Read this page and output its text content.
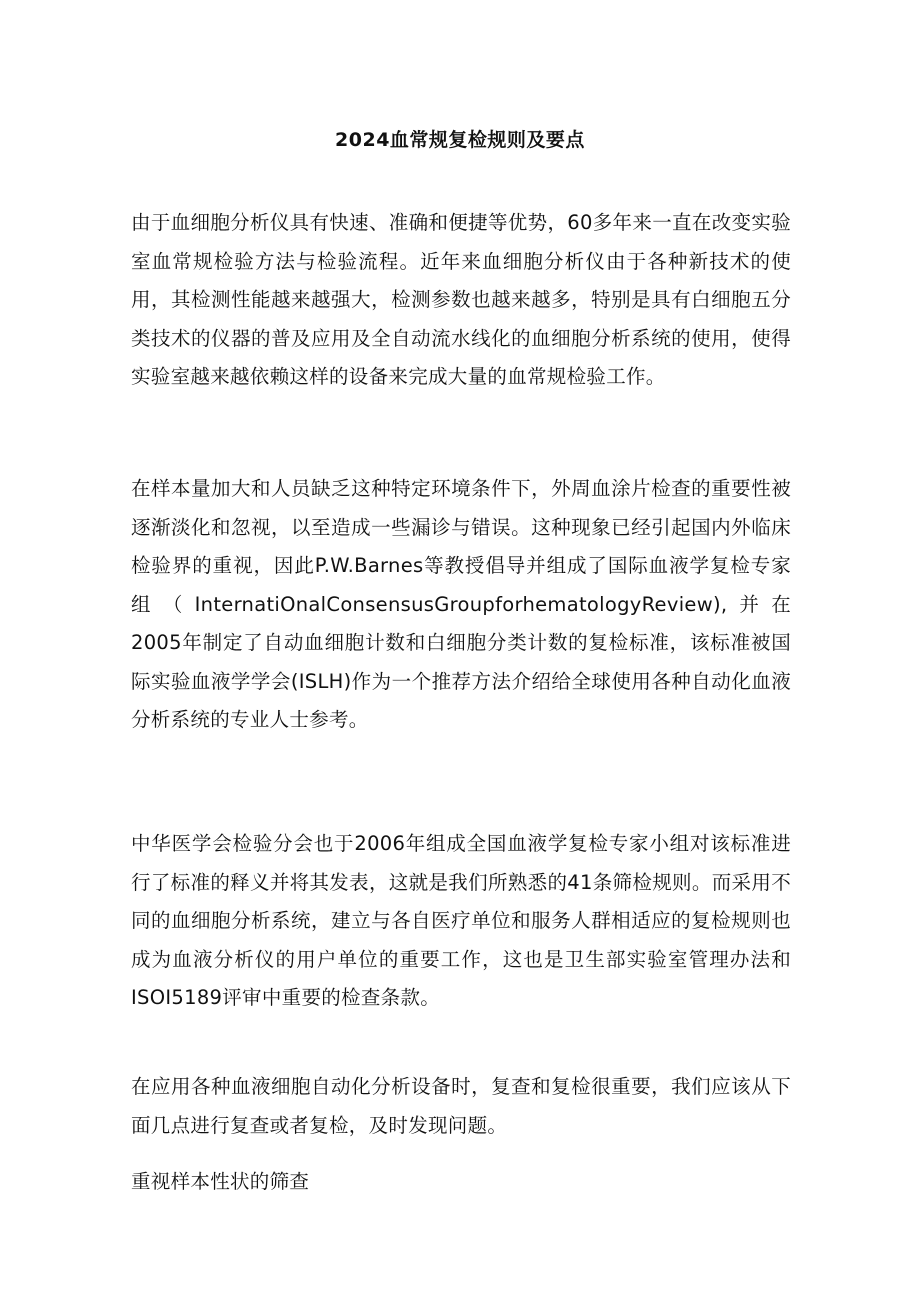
2024血常规复检规则及要点

由于血细胞分析仪具有快速、准确和便捷等优势，60多年来一直在改变实验室血常规检验方法与检验流程。近年来血细胞分析仪由于各种新技术的使用，其检测性能越来越强大，检测参数也越来越多，特别是具有白细胞五分类技术的仪器的普及应用及全自动流水线化的血细胞分析系统的使用，使得实验室越来越依赖这样的设备来完成大量的血常规检验工作。

在样本量加大和人员缺乏这种特定环境条件下，外周血涂片检查的重要性被逐渐淡化和忽视，以至造成一些漏诊与错误。这种现象已经引起国内外临床检验界的重视，因此P.W.Barnes等教授倡导并组成了国际血液学复检专家组（InternatiOnalConsensusGroupforhematologyReview),并在2005年制定了自动血细胞计数和白细胞分类计数的复检标准，该标准被国际实验血液学学会(ISLH)作为一个推荐方法介绍给全球使用各种自动化血液分析系统的专业人士参考。

中华医学会检验分会也于2006年组成全国血液学复检专家小组对该标准进行了标准的释义并将其发表，这就是我们所熟悉的41条筛检规则。而采用不同的血细胞分析系统，建立与各自医疗单位和服务人群相适应的复检规则也成为血液分析仪的用户单位的重要工作，这也是卫生部实验室管理办法和ISOI5189评审中重要的检查条款。

在应用各种血液细胞自动化分析设备时，复查和复检很重要，我们应该从下面几点进行复查或者复检，及时发现问题。

重视样本性状的筛查
